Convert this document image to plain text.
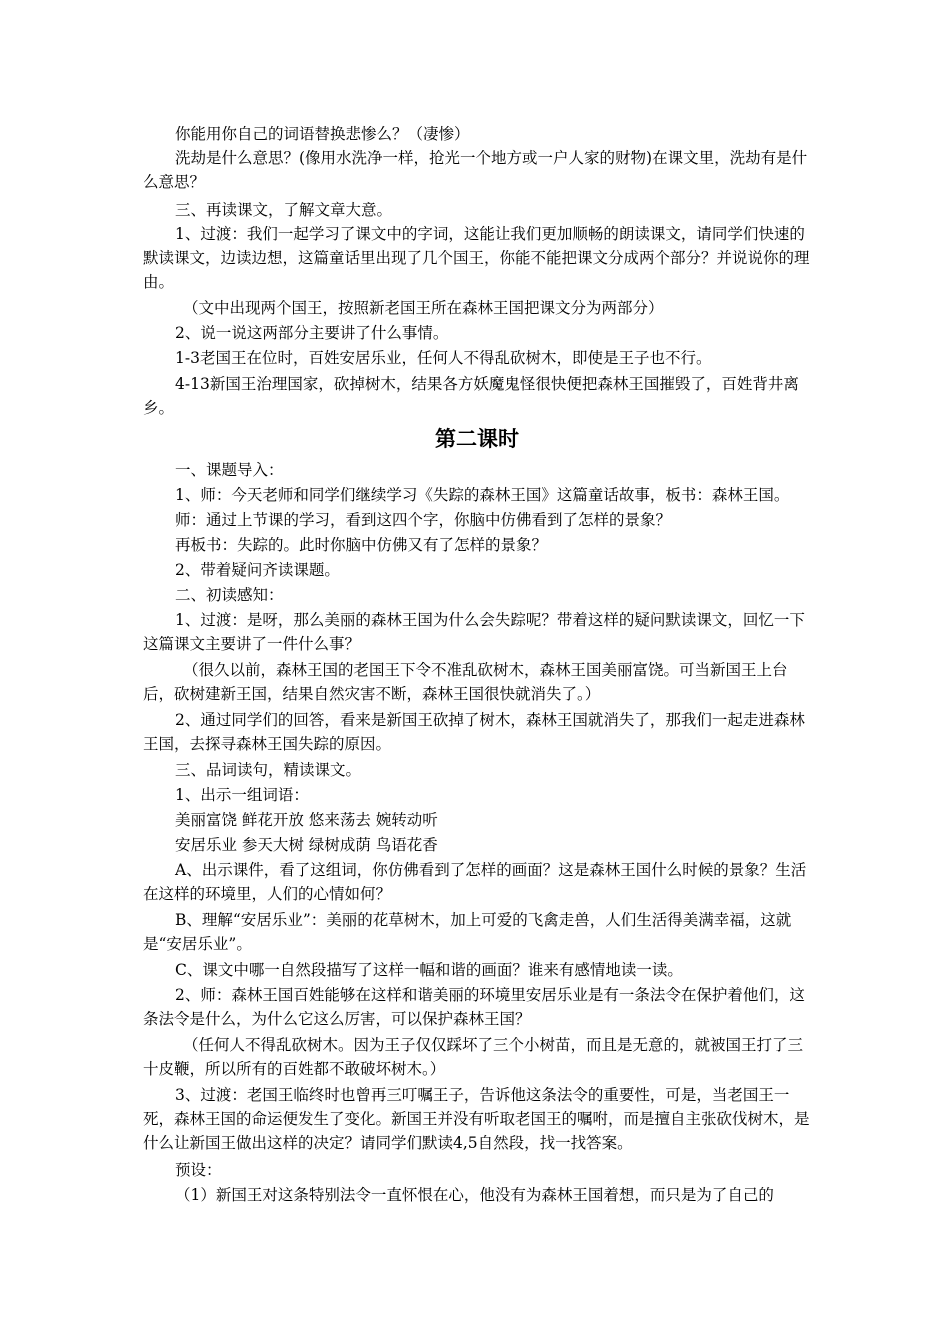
你能用你自己的词语替换悲惨么？（凄惨）

洗劫是什么意思？(像用水洗净一样，抢光一个地方或一户人家的财物)在课文里，洗劫有是什么意思？

三、再读课文，了解文章大意。

1、过渡：我们一起学习了课文中的字词，这能让我们更加顺畅的朗读课文，请同学们快速的默读课文，边读边想，这篇童话里出现了几个国王，你能不能把课文分成两个部分？并说说你的理由。

（文中出现两个国王，按照新老国王所在森林王国把课文分为两部分）

2、说一说这两部分主要讲了什么事情。

1-3老国王在位时，百姓安居乐业，任何人不得乱砍树木，即使是王子也不行。

4-13新国王治理国家，砍掉树木，结果各方妖魔鬼怪很快便把森林王国摧毁了，百姓背井离乡。

第二课时

一、课题导入：

1、师：今天老师和同学们继续学习《失踪的森林王国》这篇童话故事，板书：森林王国。

师：通过上节课的学习，看到这四个字，你脑中仿佛看到了怎样的景象？

再板书：失踪的。此时你脑中仿佛又有了怎样的景象？

2、带着疑问齐读课题。

二、初读感知：

1、过渡：是呀，那么美丽的森林王国为什么会失踪呢？带着这样的疑问默读课文，回忆一下这篇课文主要讲了一件什么事？

（很久以前，森林王国的老国王下令不准乱砍树木，森林王国美丽富饶。可当新国王上台后，砍树建新王国，结果自然灾害不断，森林王国很快就消失了。）

2、通过同学们的回答，看来是新国王砍掉了树木，森林王国就消失了，那我们一起走进森林王国，去探寻森林王国失踪的原因。

三、品词读句，精读课文。

1、出示一组词语：

美丽富饶 鲜花开放 悠来荡去 婉转动听

安居乐业 参天大树 绿树成荫 鸟语花香

A、出示课件，看了这组词，你仿佛看到了怎样的画面？这是森林王国什么时候的景象？生活在这样的环境里，人们的心情如何？

B、理解“安居乐业”：美丽的花草树木，加上可爱的飞禽走兽，人们生活得美满幸福，这就是“安居乐业”。

C、课文中哪一自然段描写了这样一幅和谐的画面？谁来有感情地读一读。

2、师：森林王国百姓能够在这样和谐美丽的环境里安居乐业是有一条法令在保护着他们，这条法令是什么，为什么它这么厉害，可以保护森林王国？

（任何人不得乱砍树木。因为王子仅仅踩坏了三个小树苗，而且是无意的，就被国王打了三十皮鞭，所以所有的百姓都不敢破坏树木。）

3、过渡：老国王临终时也曾再三叮嘱王子，告诉他这条法令的重要性，可是，当老国王一死，森林王国的命运便发生了变化。新国王并没有听取老国王的嘱咐，而是擅自主张砍伐树木，是什么让新国王做出这样的决定？请同学们默读4,5自然段，找一找答案。

预设：

（1）新国王对这条特别法令一直怀恨在心，他没有为森林王国着想，而只是为了自己的
